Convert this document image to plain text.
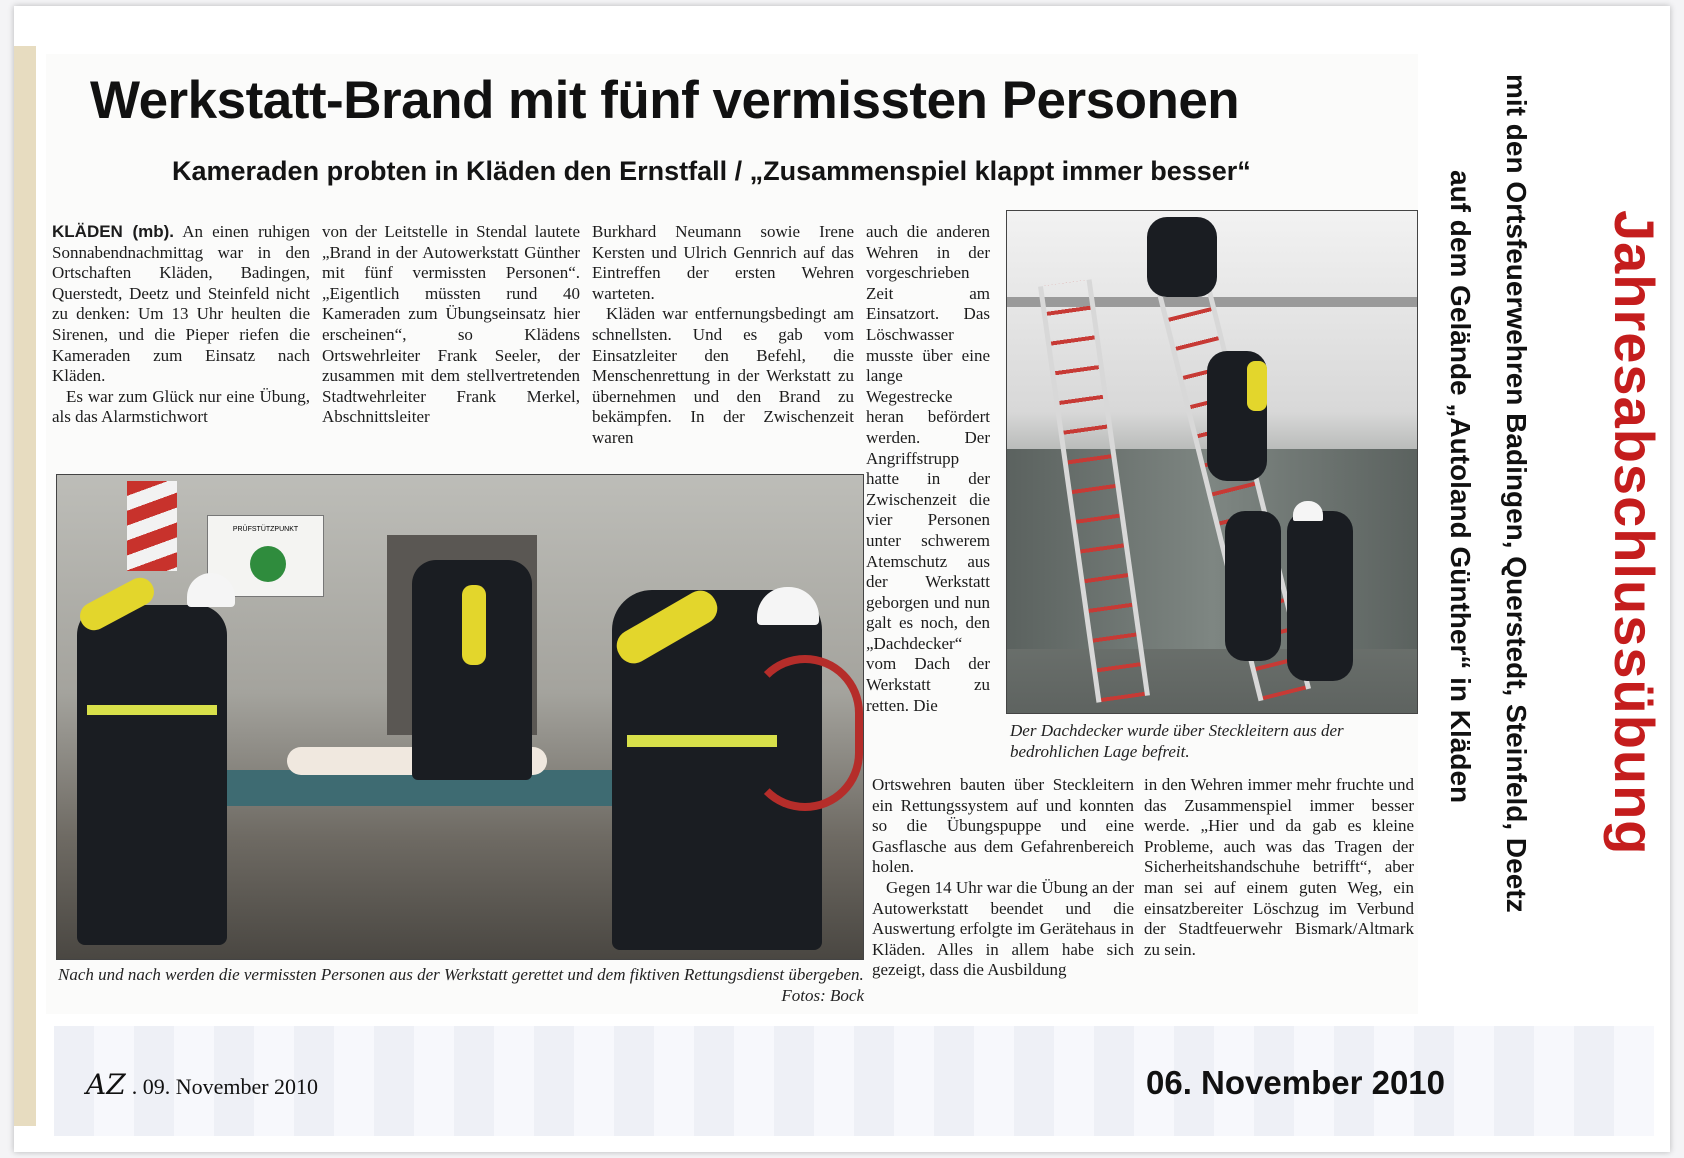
Werkstatt-Brand mit fünf vermissten Personen
Kameraden probten in Kläden den Ernstfall / „Zusammenspiel klappt immer besser“

KLÄDEN (mb). An einen ruhigen Sonnabendnachmittag war in den Ortschaften Kläden, Badingen, Querstedt, Deetz und Steinfeld nicht zu denken: Um 13 Uhr heulten die Sirenen, und die Pieper riefen die Kameraden zum Einsatz nach Kläden.

Es war zum Glück nur eine Übung, als das Alarmstichwort

von der Leitstelle in Stendal lautete „Brand in der Autowerkstatt Günther mit fünf vermissten Personen“. „Eigentlich müssten rund 40 Kameraden zum Übungseinsatz hier erscheinen“, so Klädens Ortswehrleiter Frank Seeler, der zusammen mit dem stellvertretenden Stadtwehrleiter Frank Merkel, Abschnittsleiter

Burkhard Neumann sowie Irene Kersten und Ulrich Gennrich auf das Eintreffen der ersten Wehren warteten.

Kläden war entfernungsbedingt am schnellsten. Und es gab vom Einsatzleiter den Befehl, die Menschenrettung in der Werkstatt zu übernehmen und den Brand zu bekämpfen. In der Zwischenzeit waren

auch die anderen Wehren in der vorgeschrieben Zeit am Einsatzort. Das Löschwasser musste über eine lange Wegestrecke heran befördert werden. Der Angriffstrupp hatte in der Zwischenzeit die vier Personen unter schwerem Atemschutz aus der Werkstatt geborgen und nun galt es noch, den „Dachdecker“ vom Dach der Werkstatt zu retten. Die

Ortswehren bauten über Steckleitern ein Rettungssystem auf und konnten so die Übungspuppe und eine Gasflasche aus dem Gefahrenbereich holen.

Gegen 14 Uhr war die Übung an der Autowerkstatt beendet und die Auswertung erfolgte im Gerätehaus in Kläden. Alles in allem habe sich gezeigt, dass die Ausbildung

in den Wehren immer mehr fruchte und das Zusammenspiel immer besser werde. „Hier und da gab es kleine Probleme, auch was das Tragen der Sicherheitshandschuhe betrifft“, aber man sei auf einem guten Weg, ein einsatzbereiter Löschzug im Verbund der Stadtfeuerwehr Bismark/Altmark zu sein.

PRÜFSTÜTZPUNKT

Nach und nach werden die vermissten Personen aus der Werkstatt gerettet und dem fiktiven Rettungsdienst übergeben.
Fotos: Bock

Der Dachdecker wurde über Steckleitern aus der bedrohlichen Lage befreit.	Jahresabschlussübung

mit den Ortsfeuerwehren Badingen, Querstedt, Steinfeld, Deetz

auf dem Gelände „Autoland Günther“ in Kläden

AZ . 09. November 2010	06. November 2010
